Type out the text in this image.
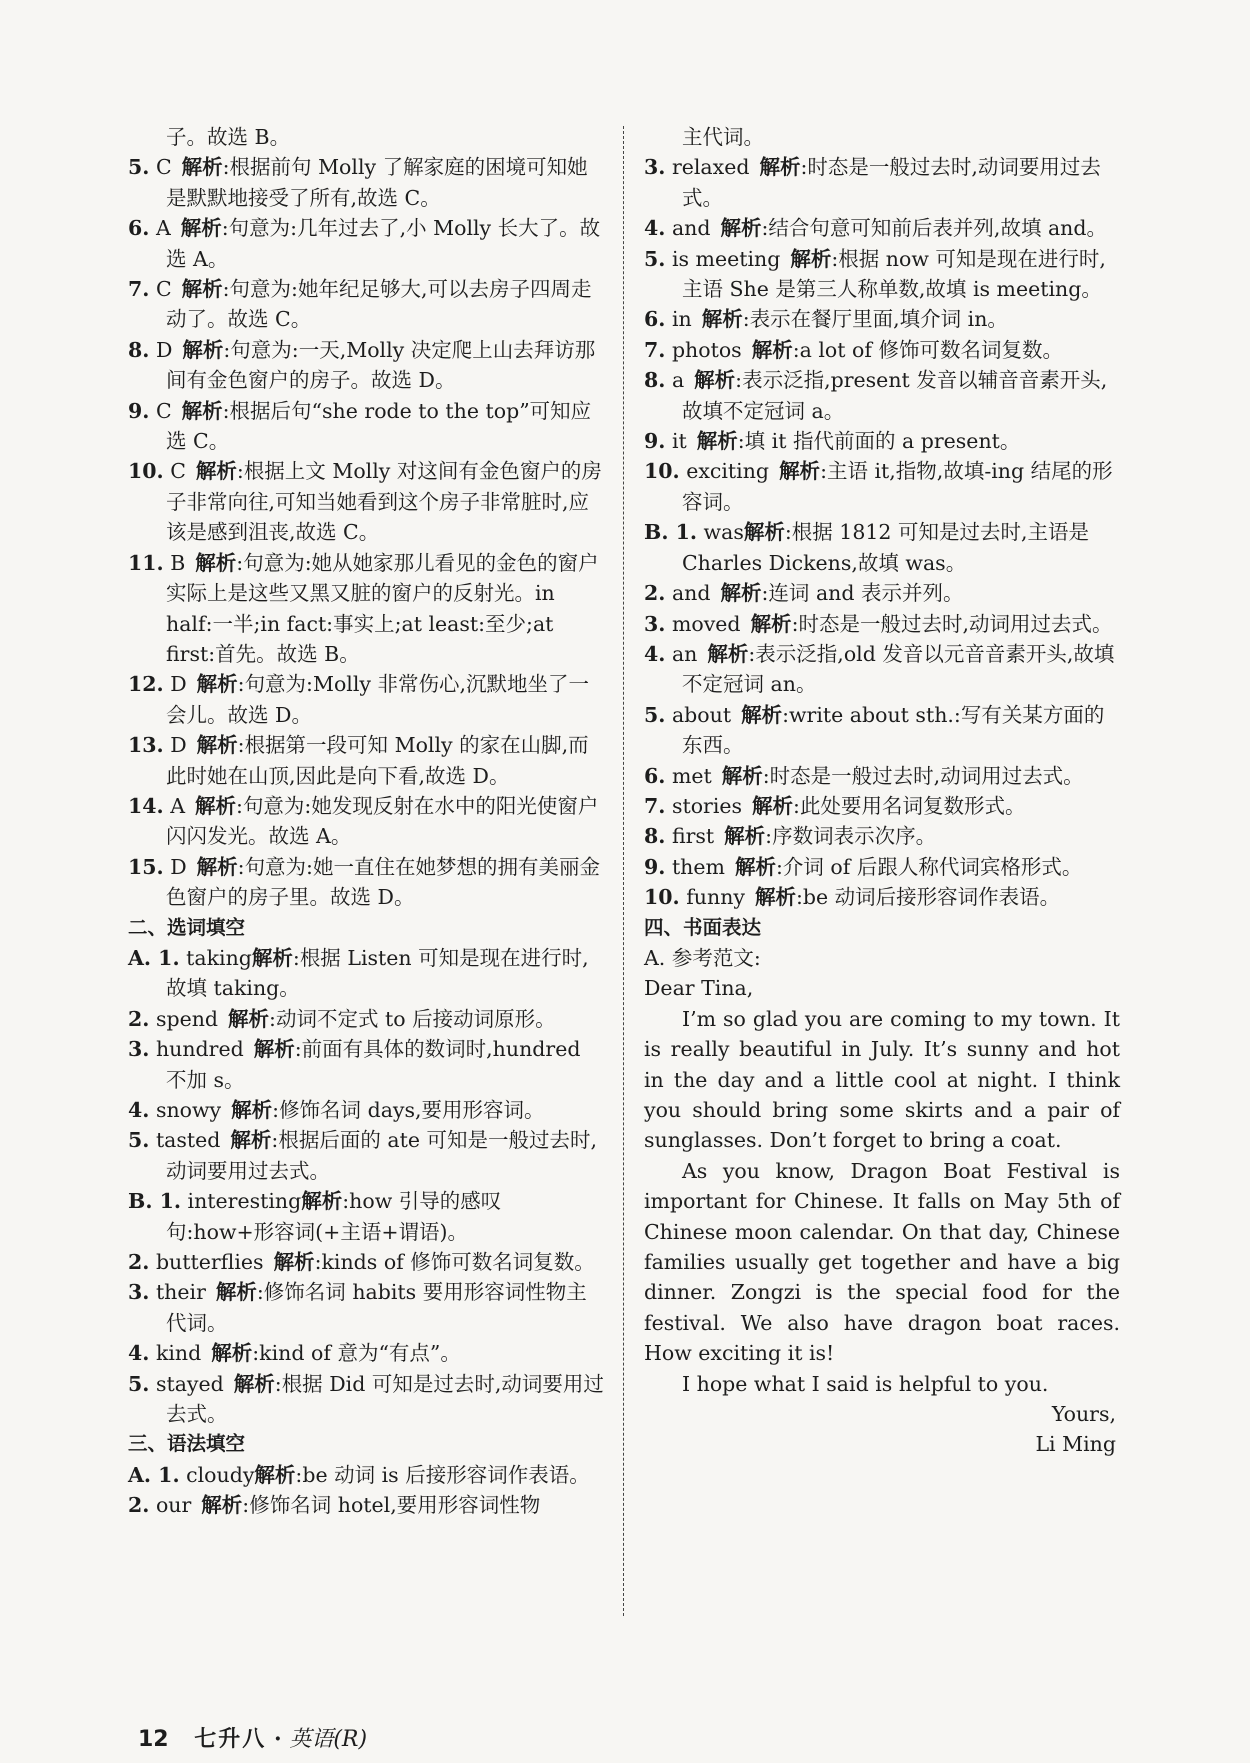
子。故选 B。
5. C 解析:根据前句 Molly 了解家庭的困境可知她是默默地接受了所有,故选 C。
6. A 解析:句意为:几年过去了,小 Molly 长大了。故选 A。
7. C 解析:句意为:她年纪足够大,可以去房子四周走动了。故选 C。
8. D 解析:句意为:一天,Molly 决定爬上山去拜访那间有金色窗户的房子。故选 D。
9. C 解析:根据后句“she rode to the top”可知应选 C。
10. C 解析:根据上文 Molly 对这间有金色窗户的房子非常向往,可知当她看到这个房子非常脏时,应该是感到沮丧,故选 C。
11. B 解析:句意为:她从她家那儿看见的金色的窗户实际上是这些又黑又脏的窗户的反射光。in half:一半;in fact:事实上;at least:至少;at first:首先。故选 B。
12. D 解析:句意为:Molly 非常伤心,沉默地坐了一会儿。故选 D。
13. D 解析:根据第一段可知 Molly 的家在山脚,而此时她在山顶,因此是向下看,故选 D。
14. A 解析:句意为:她发现反射在水中的阳光使窗户闪闪发光。故选 A。
15. D 解析:句意为:她一直住在她梦想的拥有美丽金色窗户的房子里。故选 D。
二、选词填空
A. 1. taking解析:根据 Listen 可知是现在进行时,故填 taking。
2. spend 解析:动词不定式 to 后接动词原形。
3. hundred 解析:前面有具体的数词时,hundred 不加 s。
4. snowy 解析:修饰名词 days,要用形容词。
5. tasted 解析:根据后面的 ate 可知是一般过去时,动词要用过去式。
B. 1. interesting解析:how 引导的感叹句:how+形容词(+主语+谓语)。
2. butterflies 解析:kinds of 修饰可数名词复数。
3. their 解析:修饰名词 habits 要用形容词性物主代词。
4. kind 解析:kind of 意为“有点”。
5. stayed 解析:根据 Did 可知是过去时,动词要用过去式。
三、语法填空
A. 1. cloudy解析:be 动词 is 后接形容词作表语。
2. our 解析:修饰名词 hotel,要用形容词性物
主代词。
3. relaxed 解析:时态是一般过去时,动词要用过去式。
4. and 解析:结合句意可知前后表并列,故填 and。
5. is meeting 解析:根据 now 可知是现在进行时,主语 She 是第三人称单数,故填 is meeting。
6. in 解析:表示在餐厅里面,填介词 in。
7. photos 解析:a lot of 修饰可数名词复数。
8. a 解析:表示泛指,present 发音以辅音音素开头,故填不定冠词 a。
9. it 解析:填 it 指代前面的 a present。
10. exciting 解析:主语 it,指物,故填-ing 结尾的形容词。
B. 1. was解析:根据 1812 可知是过去时,主语是 Charles Dickens,故填 was。
2. and 解析:连词 and 表示并列。
3. moved 解析:时态是一般过去时,动词用过去式。
4. an 解析:表示泛指,old 发音以元音音素开头,故填不定冠词 an。
5. about 解析:write about sth.:写有关某方面的东西。
6. met 解析:时态是一般过去时,动词用过去式。
7. stories 解析:此处要用名词复数形式。
8. first 解析:序数词表示次序。
9. them 解析:介词 of 后跟人称代词宾格形式。
10. funny 解析:be 动词后接形容词作表语。
四、书面表达
A. 参考范文:
Dear Tina,
I’m so glad you are coming to my town. It is really beautiful in July. It’s sunny and hot in the day and a little cool at night. I think you should bring some skirts and a pair of sunglasses. Don’t forget to bring a coat.
As you know, Dragon Boat Festival is important for Chinese. It falls on May 5th of Chinese moon calendar. On that day, Chinese families usually get together and have a big dinner. Zongzi is the special food for the festival. We also have dragon boat races. How exciting it is!
I hope what I said is helpful to you.
Yours,
Li Ming
12 七升八 · 英语(R)
